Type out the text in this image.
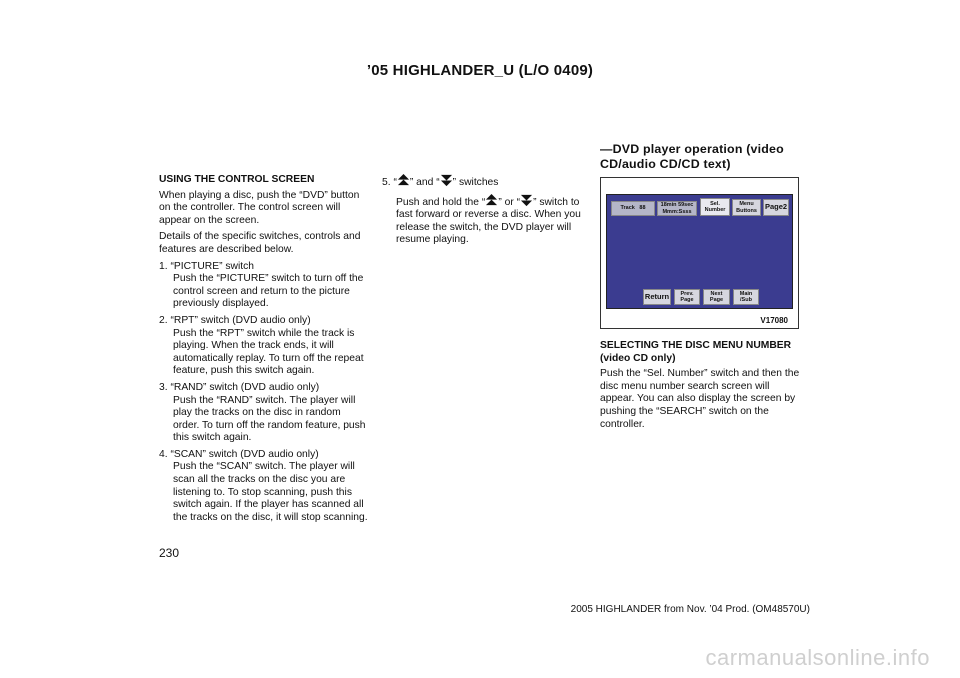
’05 HIGHLANDER_U (L/O 0409)
—DVD player operation (video CD/audio CD/CD text)

USING THE CONTROL SCREEN

When playing a disc, push the “DVD” button on the controller. The control screen will appear on the screen.

Details of the specific switches, controls and features are described below.

1. “PICTURE” switch
Push the “PICTURE” switch to turn off the control screen and return to the picture previously displayed.
2. “RPT” switch (DVD audio only)
Push the “RPT” switch while the track is playing. When the track ends, it will automatically replay. To turn off the repeat feature, push this switch again.
3. “RAND” switch (DVD audio only)
Push the “RAND” switch. The player will play the tracks on the disc in random order. To turn off the random feature, push this switch again.
4. “SCAN” switch (DVD audio only)
Push the “SCAN” switch. The player will scan all the tracks on the disc you are listening to. To stop scanning, push this switch again. If the player has scanned all the tracks on the disc, it will stop scanning.
5. “ ” and “ ” switches
Push and hold the “ ” or “ ” switch to fast forward or reverse a disc. When you release the switch, the DVD player will resume playing.
Track
88
18min 59sec
Mmm:Ssss
Sel. Number
Menu Buttons	Page2
Return	Prev. Page
Next Page
Main /Sub
V17080

SELECTING THE DISC MENU NUMBER (video CD only)

Push the “Sel. Number” switch and then the disc menu number search screen will appear. You can also display the screen by pushing the “SEARCH” switch on the controller.

230
2005 HIGHLANDER from Nov. ’04 Prod. (OM48570U)
carmanualsonline.info
